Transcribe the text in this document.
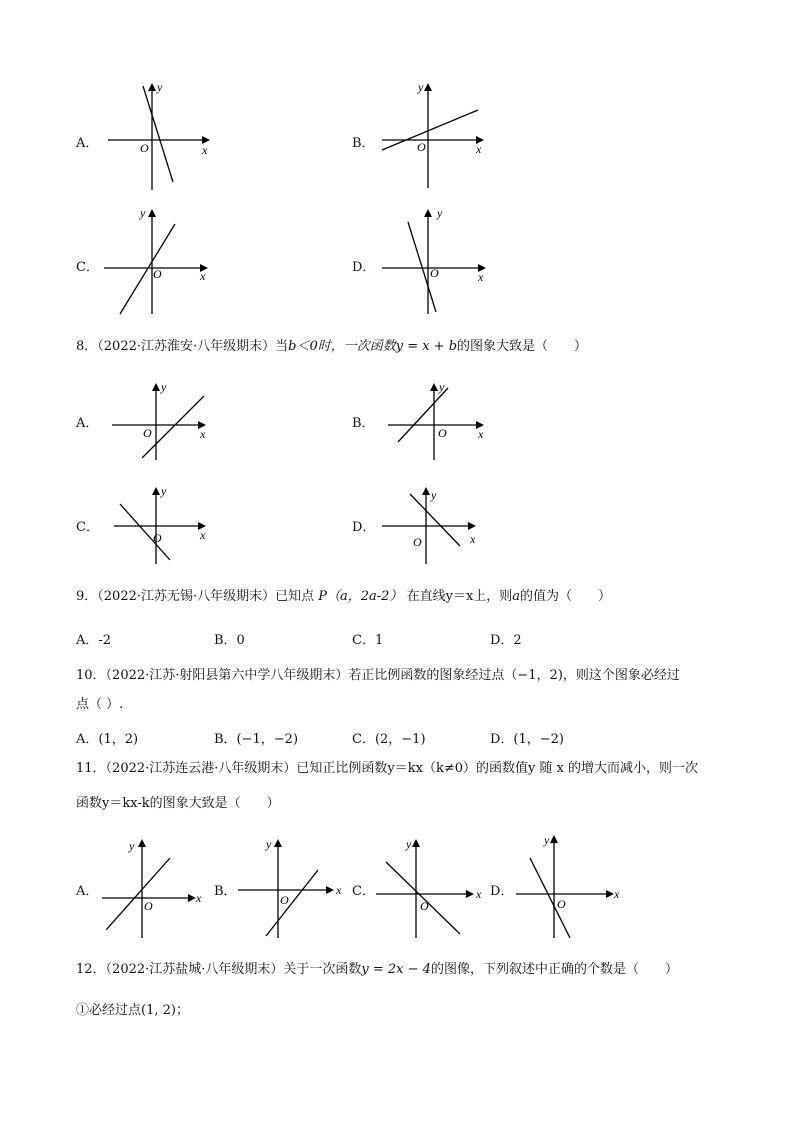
A．
y
x
O	B．
y
x
O
C．
y
x
O	D．
y
x
O
8．（2022·江苏淮安·八年级期末）当b＜0时，一次函数y = x + b的图象大致是（　　）
A．
y
x
O
B．
y
x
O
C．
y
x
O
D．
y
x
O
9．（2022·江苏无锡·八年级期末）已知点 P（a，2a-2） 在直线y＝x上，则a的值为（　　）
A．-2	B．0	C．1	D．2
10．（2022·江苏·射阳县第六中学八年级期末）若正比例函数的图象经过点（−1，2)，则这个图象必经过
点（ ）.
A．(1，2)	B．(−1，−2)	C．(2，−1)	D．(1，−2)
11．（2022·江苏连云港·八年级期末）已知正比例函数y＝kx（k≠0）的函数值y 随 x 的增大而减小，则一次
函数y＝kx-k的图象大致是（　　）
A．
y
x
O
B．
y
x
O
C．
y
x
O
D．
y
x
O
12．（2022·江苏盐城·八年级期末）关于一次函数y = 2x − 4的图像，下列叙述中正确的个数是（　　）
①必经过点(1, 2)；
